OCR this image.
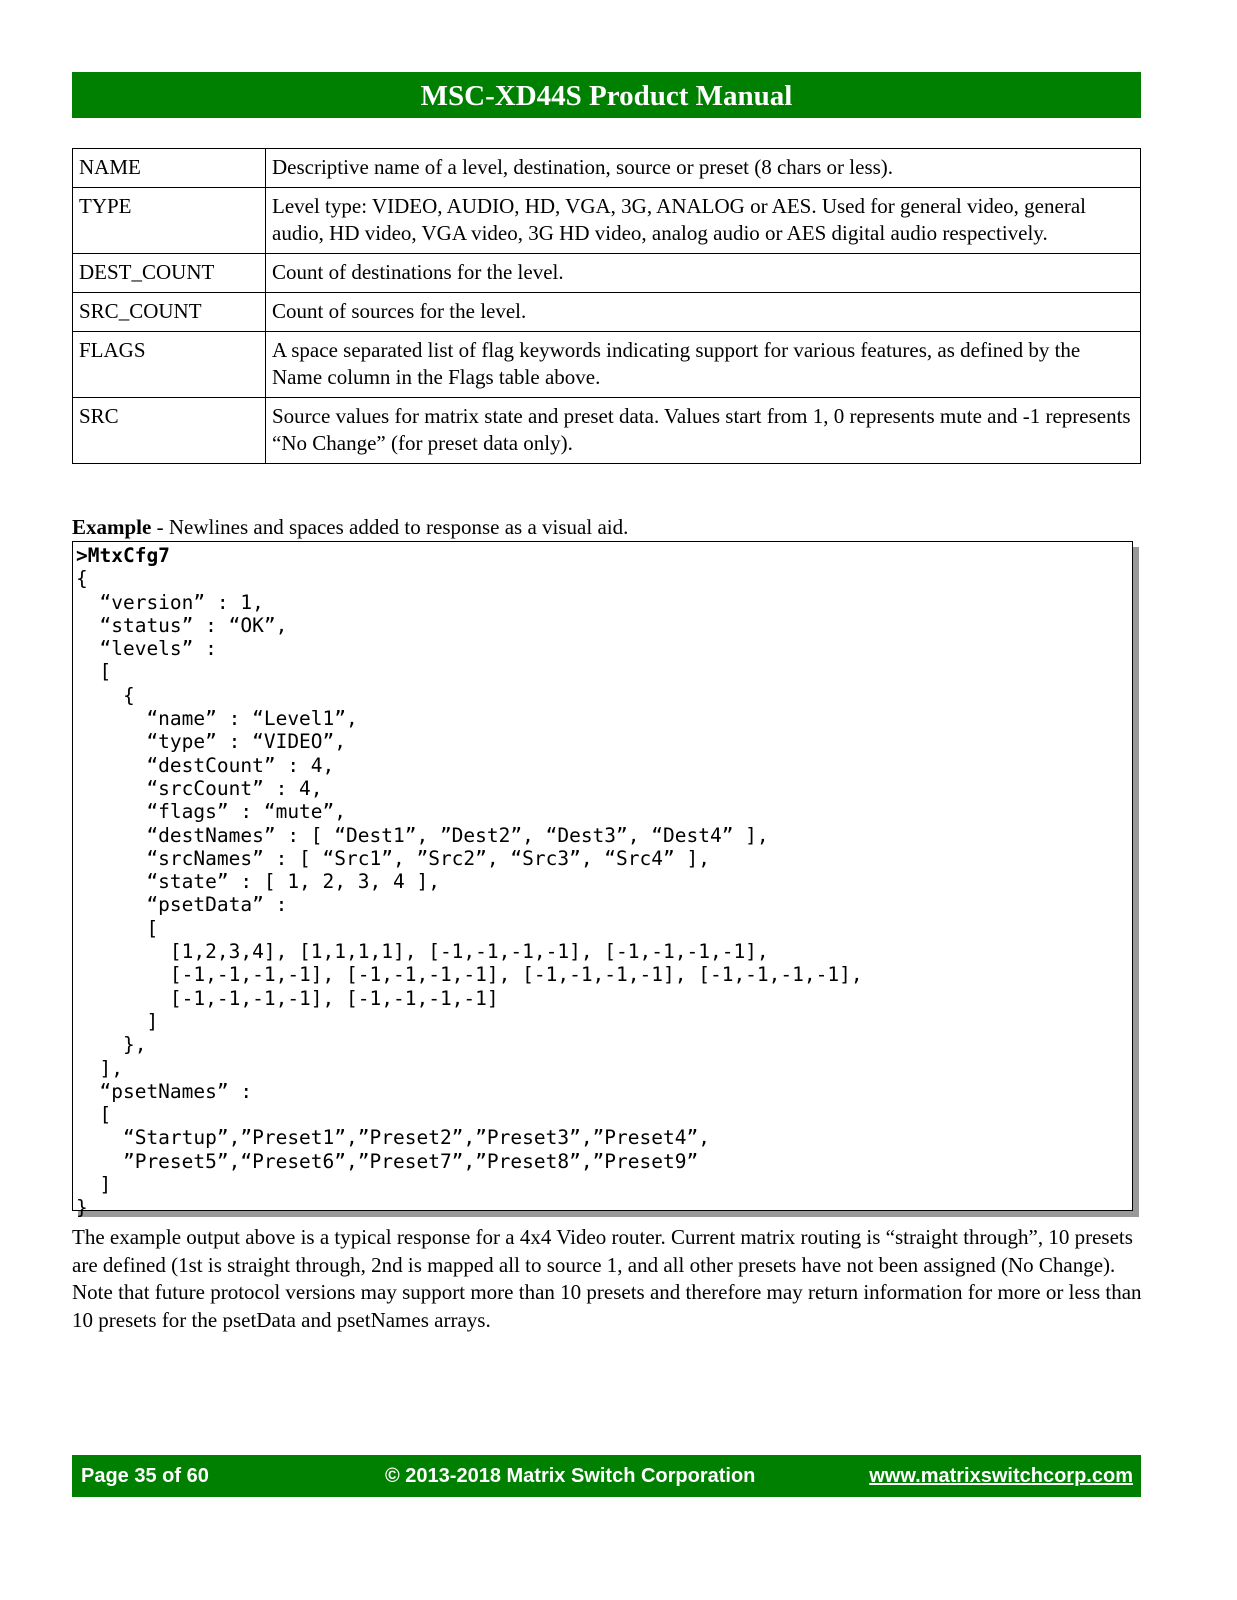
MSC-XD44S Product Manual
NAME	Descriptive name of a level, destination, source or preset (8 chars or less).
TYPE	Level type: VIDEO, AUDIO, HD, VGA, 3G, ANALOG or AES. Used for general video, general audio, HD video, VGA video, 3G HD video, analog audio or AES digital audio respectively.
DEST_COUNT	Count of destinations for the level.
SRC_COUNT	Count of sources for the level.
FLAGS	A space separated list of flag keywords indicating support for various features, as defined by the Name column in the Flags table above.
SRC	Source values for matrix state and preset data. Values start from 1, 0 represents mute and -1 represents “No Change” (for preset data only).
Example - Newlines and spaces added to response as a visual aid.
>MtxCfg7
{
“version” : 1,
“status” : “OK”,
“levels” :
[
{
“name” : “Level1”,
“type” : “VIDEO”,
“destCount” : 4,
“srcCount” : 4,
“flags” : “mute”,
“destNames” : [ “Dest1”, ”Dest2”, “Dest3”, “Dest4” ],
“srcNames” : [ “Src1”, ”Src2”, “Src3”, “Src4” ],
“state” : [ 1, 2, 3, 4 ],
“psetData” :
[
[1,2,3,4], [1,1,1,1], [-1,-1,-1,-1], [-1,-1,-1,-1],
[-1,-1,-1,-1], [-1,-1,-1,-1], [-1,-1,-1,-1], [-1,-1,-1,-1],
[-1,-1,-1,-1], [-1,-1,-1,-1]
]
},
],
“psetNames” :
[
“Startup”,”Preset1”,”Preset2”,”Preset3”,”Preset4”,
”Preset5”,“Preset6”,”Preset7”,”Preset8”,”Preset9”
]
}
The example output above is a typical response for a 4x4 Video router. Current matrix routing is “straight through”, 10 presets are defined (1st is straight through, 2nd is mapped all to source 1, and all other presets have not been assigned (No Change). Note that future protocol versions may support more than 10 presets and therefore may return information for more or less than 10 presets for the psetData and psetNames arrays.
Page 35 of 60	© 2013-2018 Matrix Switch Corporation	www.matrixswitchcorp.com
